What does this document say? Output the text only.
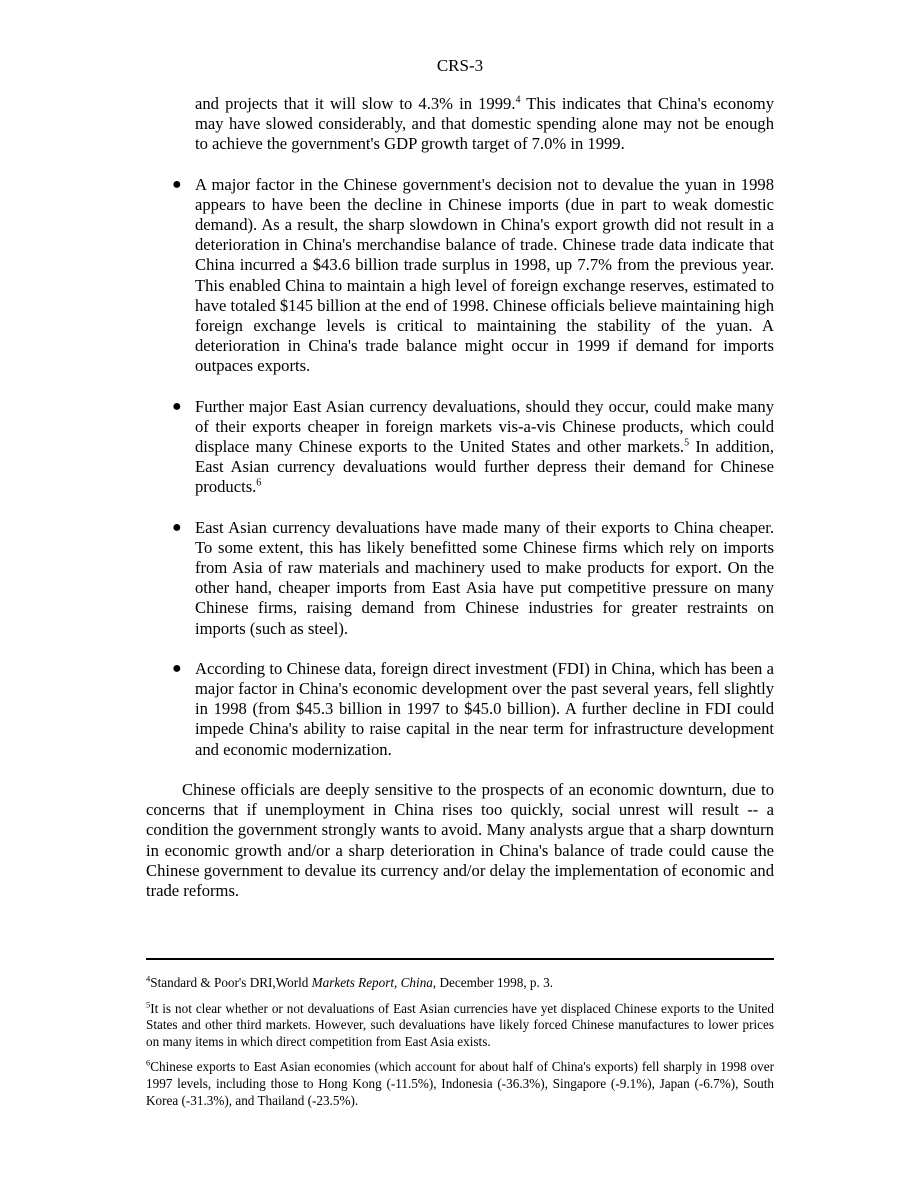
CRS-3

and projects that it will slow to 4.3% in 1999.$^4$ This indicates that China's economy may have slowed considerably, and that domestic spending alone may not be enough to achieve the government's GDP growth target of 7.0% in 1999.

● A major factor in the Chinese government's decision not to devalue the yuan in 1998 appears to have been the decline in Chinese imports (due in part to weak domestic demand). As a result, the sharp slowdown in China's export growth did not result in a deterioration in China's merchandise balance of trade. Chinese trade data indicate that China incurred a $43.6 billion trade surplus in 1998, up 7.7% from the previous year. This enabled China to maintain a high level of foreign exchange reserves, estimated to have totaled $145 billion at the end of 1998. Chinese officials believe maintaining high foreign exchange levels is critical to maintaining the stability of the yuan. A deterioration in China's trade balance might occur in 1999 if demand for imports outpaces exports.
● Further major East Asian currency devaluations, should they occur, could make many of their exports cheaper in foreign markets vis-a-vis Chinese products, which could displace many Chinese exports to the United States and other markets.$^5$ In addition, East Asian currency devaluations would further depress their demand for Chinese products.$^6$
● East Asian currency devaluations have made many of their exports to China cheaper. To some extent, this has likely benefitted some Chinese firms which rely on imports from Asia of raw materials and machinery used to make products for export. On the other hand, cheaper imports from East Asia have put competitive pressure on many Chinese firms, raising demand from Chinese industries for greater restraints on imports (such as steel).
● According to Chinese data, foreign direct investment (FDI) in China, which has been a major factor in China's economic development over the past several years, fell slightly in 1998 (from $45.3 billion in 1997 to $45.0 billion). A further decline in FDI could impede China's ability to raise capital in the near term for infrastructure development and economic modernization.

Chinese officials are deeply sensitive to the prospects of an economic downturn, due to concerns that if unemployment in China rises too quickly, social unrest will result -- a condition the government strongly wants to avoid. Many analysts argue that a sharp downturn in economic growth and/or a sharp deterioration in China's balance of trade could cause the Chinese government to devalue its currency and/or delay the implementation of economic and trade reforms.

$^4$Standard & Poor's DRI,World Markets Report, China, December 1998, p. 3.

$^5$It is not clear whether or not devaluations of East Asian currencies have yet displaced Chinese exports to the United States and other third markets. However, such devaluations have likely forced Chinese manufactures to lower prices on many items in which direct competition from East Asia exists.

$^6$Chinese exports to East Asian economies (which account for about half of China's exports) fell sharply in 1998 over 1997 levels, including those to Hong Kong (-11.5%), Indonesia (-36.3%), Singapore (-9.1%), Japan (-6.7%), South Korea (-31.3%), and Thailand (-23.5%).
